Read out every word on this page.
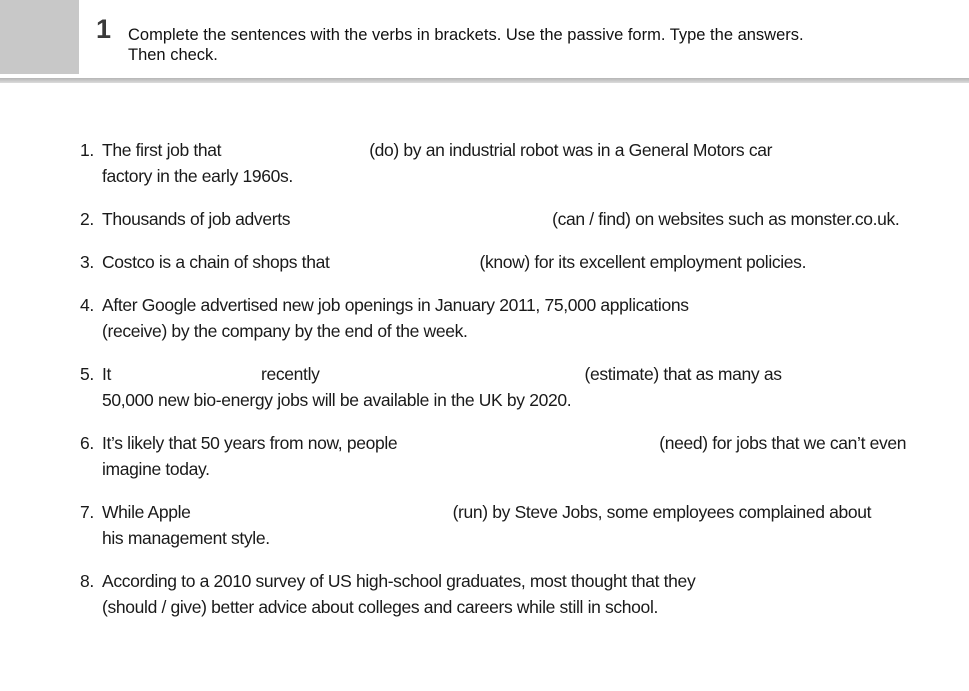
1 Complete the sentences with the verbs in brackets. Use the passive form. Type the answers.
Then check.
1. The first job that	(do) by an industrial robot was in a General Motors car
factory in the early 1960s.
2. Thousands of job adverts	(can / find) on websites such as monster.co.uk.
3. Costco is a chain of shops that	(know) for its excellent employment policies.
4. After Google advertised new job openings in January 2011, 75,000 applications
(receive) by the company by the end of the week.
5. It	recently	(estimate) that as many as
50,000 new bio-energy jobs will be available in the UK by 2020.
6. It’s likely that 50 years from now, people	(need) for jobs that we can’t even
imagine today.
7. While Apple	(run) by Steve Jobs, some employees complained about
his management style.
8. According to a 2010 survey of US high-school graduates, most thought that they
(should / give) better advice about colleges and careers while still in school.
